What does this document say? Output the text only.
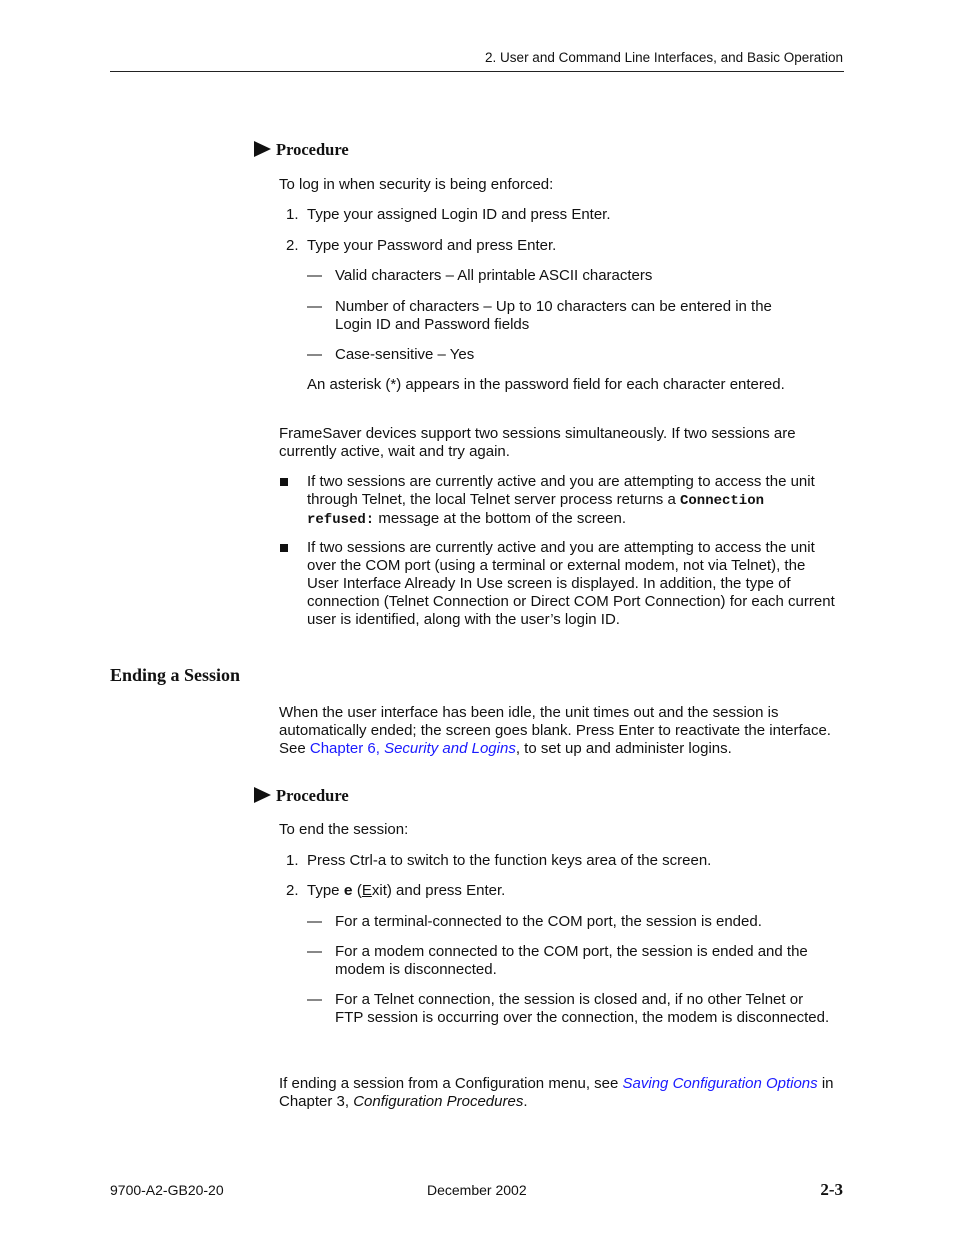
2. User and Command Line Interfaces, and Basic Operation
Procedure
To log in when security is being enforced:
1. Type your assigned Login ID and press Enter.
2. Type your Password and press Enter.
— Valid characters – All printable ASCII characters
— Number of characters – Up to 10 characters can be entered in the Login ID and Password fields
— Case-sensitive – Yes
An asterisk (*) appears in the password field for each character entered.
FrameSaver devices support two sessions simultaneously. If two sessions are currently active, wait and try again.
If two sessions are currently active and you are attempting to access the unit through Telnet, the local Telnet server process returns a Connection refused: message at the bottom of the screen.
If two sessions are currently active and you are attempting to access the unit over the COM port (using a terminal or external modem, not via Telnet), the User Interface Already In Use screen is displayed. In addition, the type of connection (Telnet Connection or Direct COM Port Connection) for each current user is identified, along with the user’s login ID.
Ending a Session
When the user interface has been idle, the unit times out and the session is automatically ended; the screen goes blank. Press Enter to reactivate the interface. See Chapter 6, Security and Logins, to set up and administer logins.
Procedure
To end the session:
1. Press Ctrl-a to switch to the function keys area of the screen.
2. Type e (Exit) and press Enter.
— For a terminal-connected to the COM port, the session is ended.
— For a modem connected to the COM port, the session is ended and the modem is disconnected.
— For a Telnet connection, the session is closed and, if no other Telnet or FTP session is occurring over the connection, the modem is disconnected.
If ending a session from a Configuration menu, see Saving Configuration Options in Chapter 3, Configuration Procedures.
9700-A2-GB20-20	December 2002	2-3
